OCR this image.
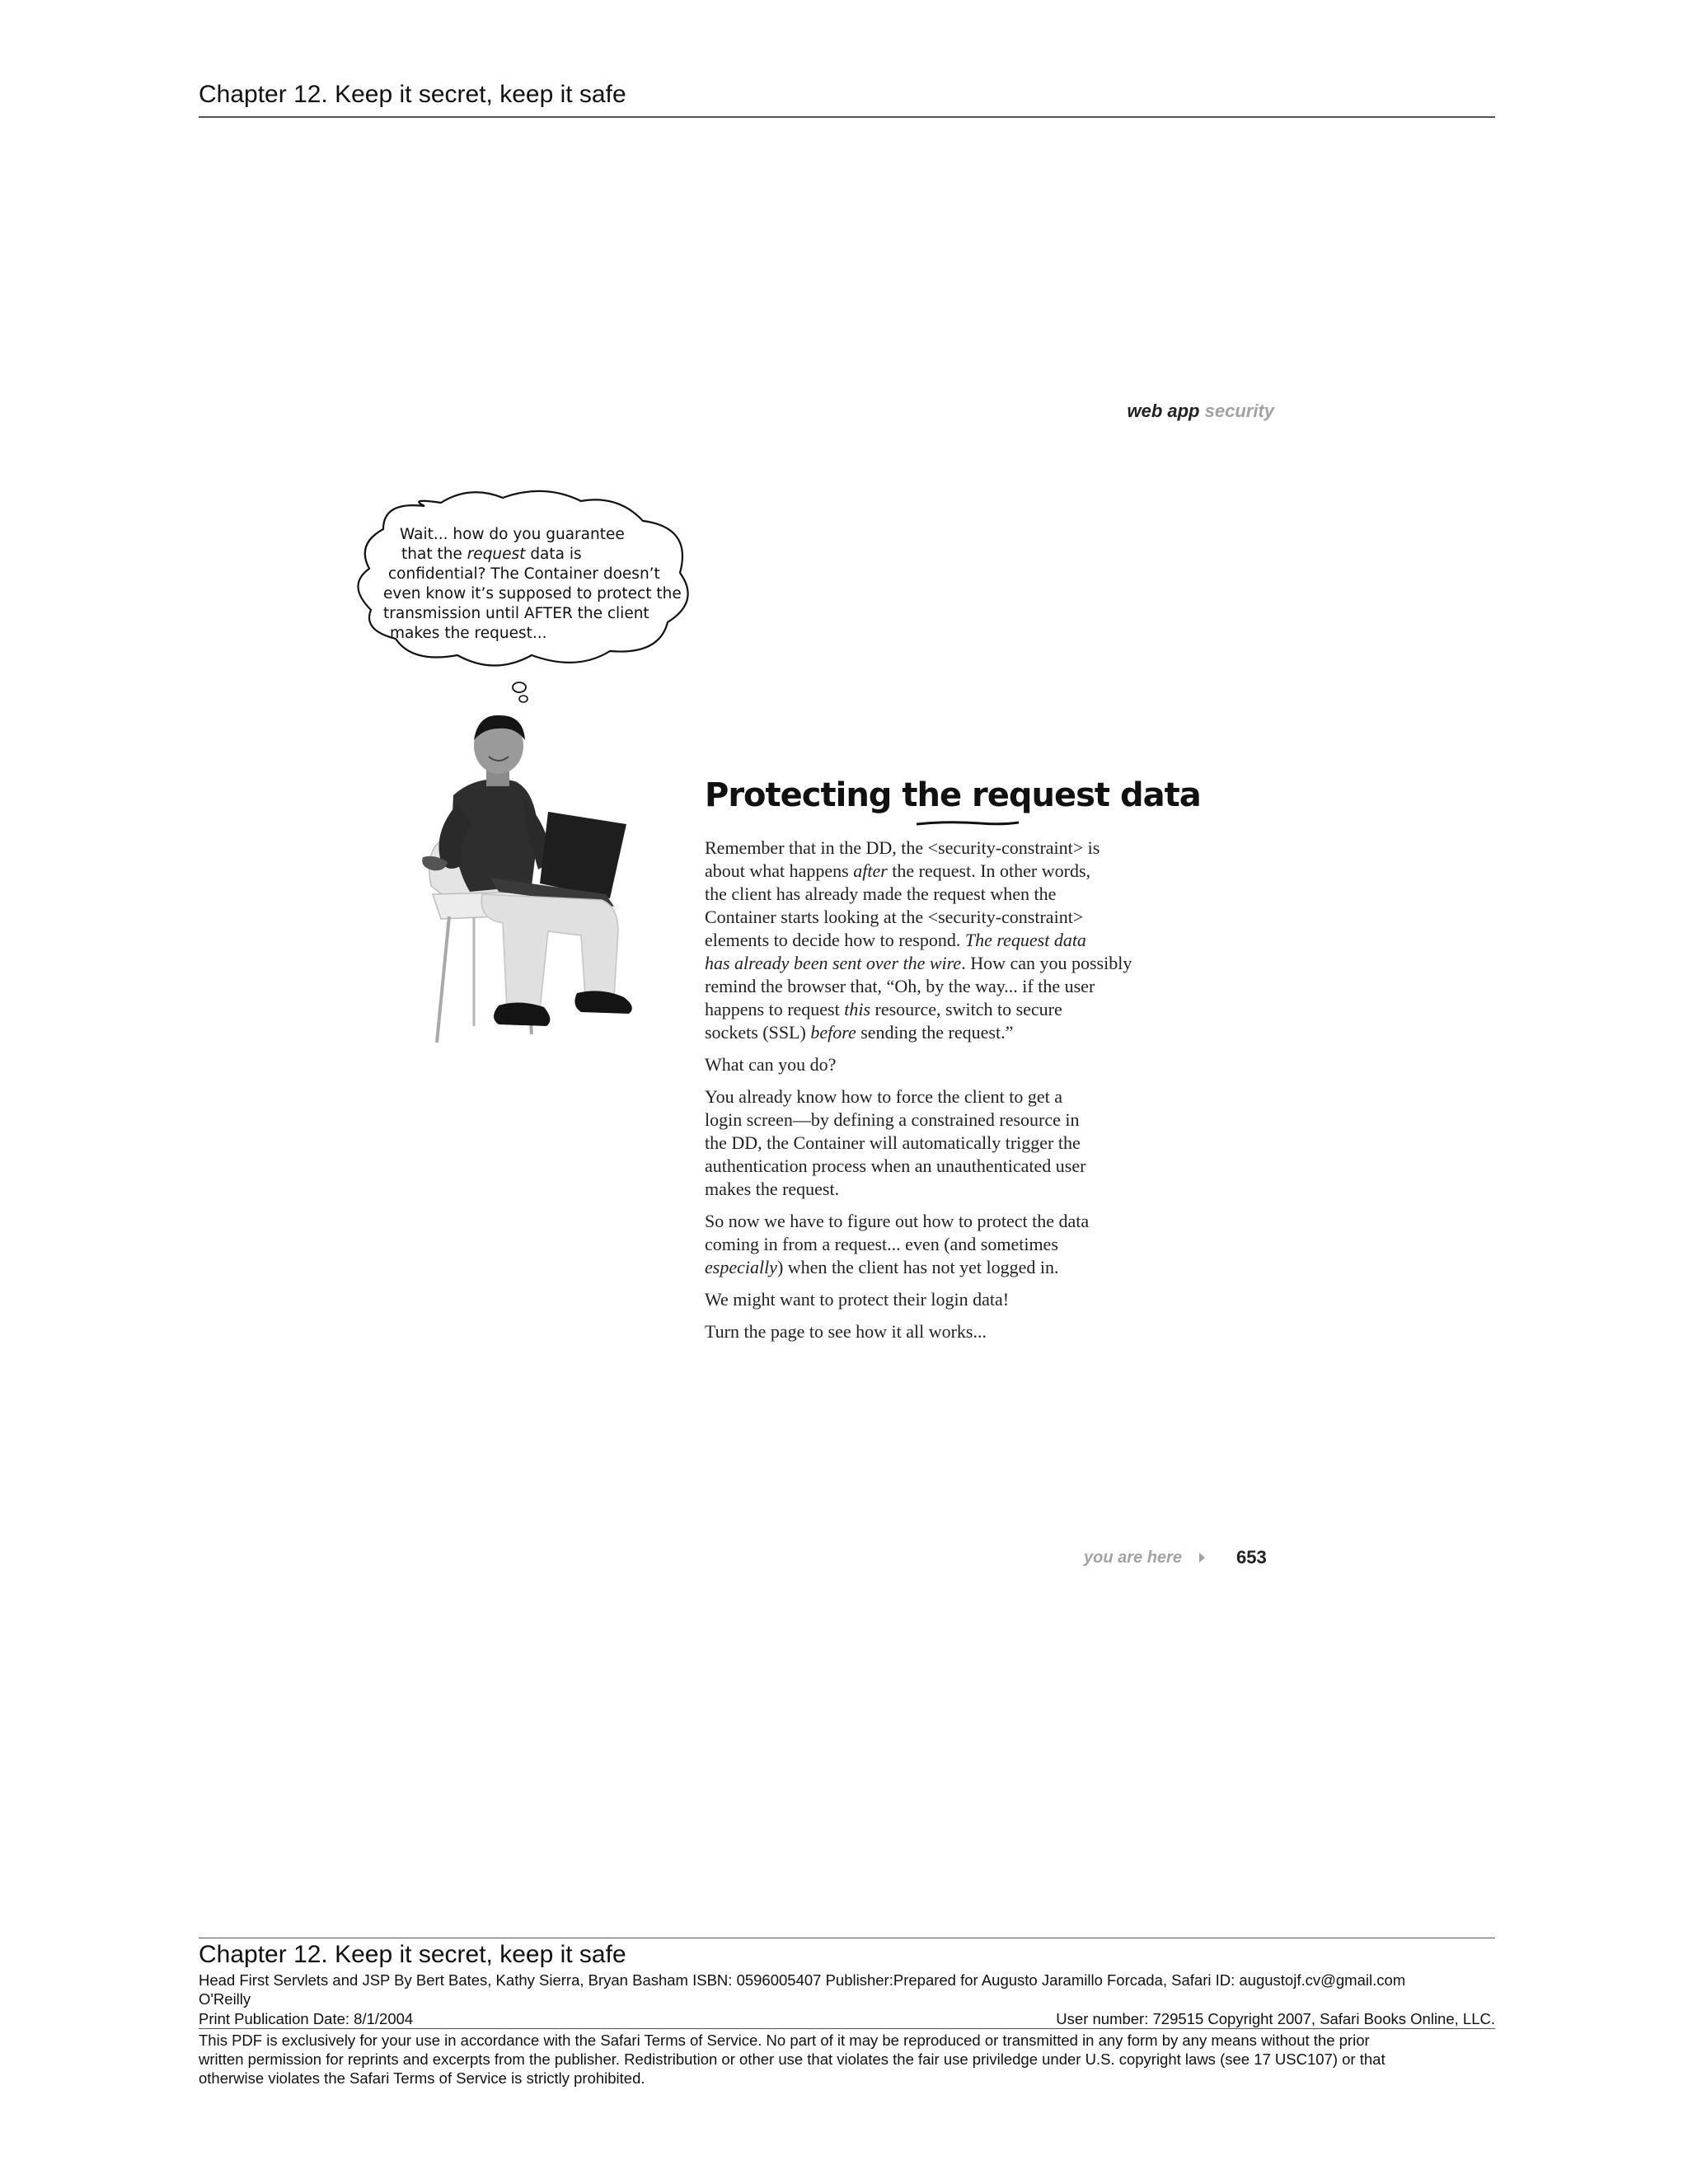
Chapter 12. Keep it secret, keep it safe
web app security

Wait... how do you guarantee

that the request data is

confidential? The Container doesn’t

even know it’s supposed to protect the

transmission until AFTER the client

makes the request...

Protecting the request data

Remember that in the DD, the <security-constraint> is
about what happens after the request. In other words,
the client has already made the request when the
Container starts looking at the <security-constraint>
elements to decide how to respond. The request data
has already been sent over the wire. How can you possibly
remind the browser that, “Oh, by the way... if the user
happens to request this resource, switch to secure
sockets (SSL) before sending the request.”

What can you do?

You already know how to force the client to get a
login screen—by defining a constrained resource in
the DD, the Container will automatically trigger the
authentication process when an unauthenticated user
makes the request.

So now we have to figure out how to protect the data
coming in from a request... even (and sometimes
especially) when the client has not yet logged in.

We might want to protect their login data!

Turn the page to see how it all works...

you are here	653
Chapter 12. Keep it secret, keep it safe
Head First Servlets and JSP By Bert Bates, Kathy Sierra, Bryan Basham ISBN: 0596005407 Publisher:Prepared for Augusto Jaramillo Forcada, Safari ID: augustojf.cv@gmail.com
O'Reilly
Print Publication Date: 8/1/2004	User number: 729515 Copyright 2007, Safari Books Online, LLC.
This PDF is exclusively for your use in accordance with the Safari Terms of Service. No part of it may be reproduced or transmitted in any form by any means without the prior
written permission for reprints and excerpts from the publisher. Redistribution or other use that violates the fair use priviledge under U.S. copyright laws (see 17 USC107) or that
otherwise violates the Safari Terms of Service is strictly prohibited.
